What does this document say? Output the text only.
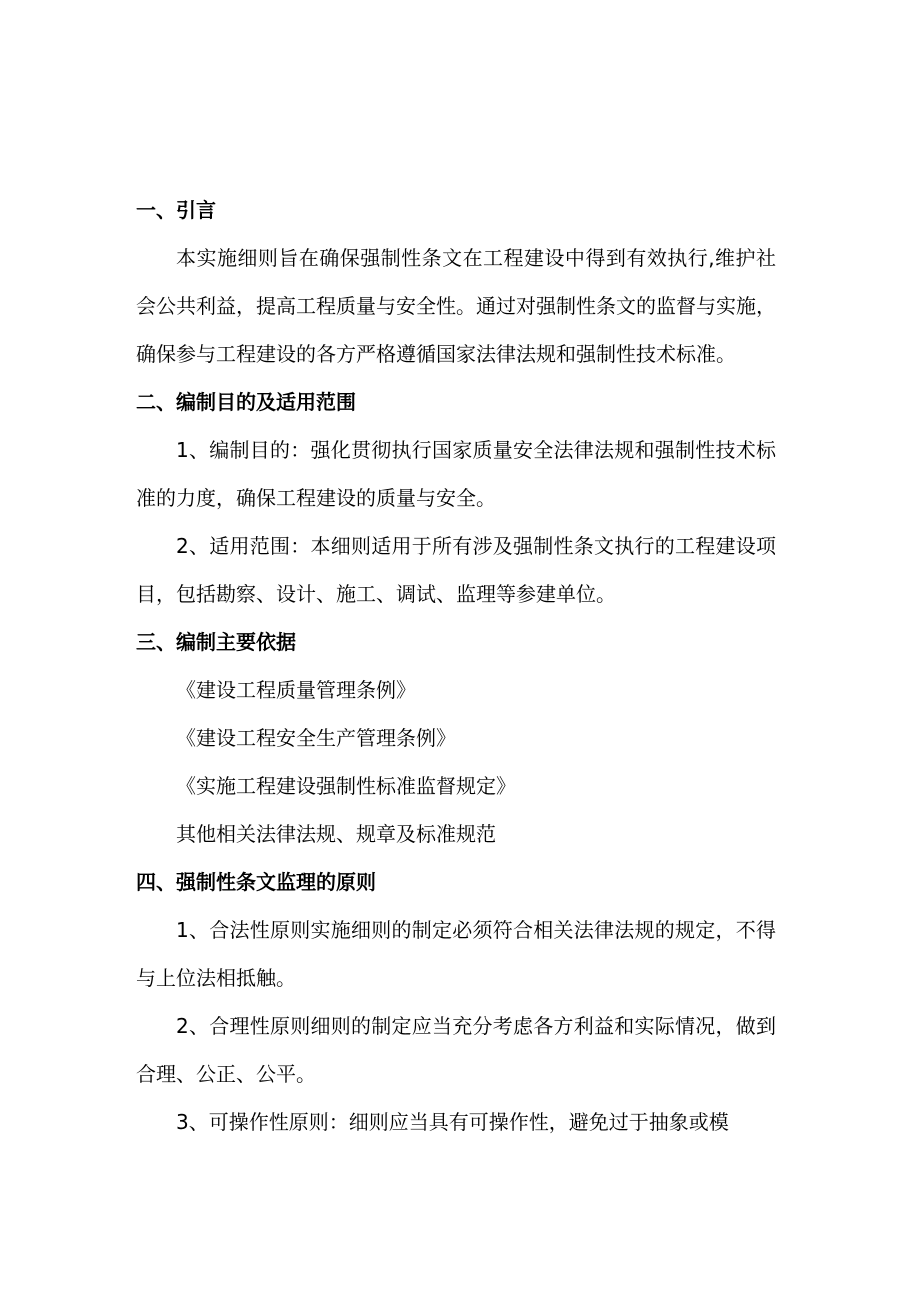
一、引言
本实施细则旨在确保强制性条文在工程建设中得到有效执行,维护社会公共利益，提高工程质量与安全性。通过对强制性条文的监督与实施，确保参与工程建设的各方严格遵循国家法律法规和强制性技术标准。
二、编制目的及适用范围
1、编制目的：强化贯彻执行国家质量安全法律法规和强制性技术标准的力度，确保工程建设的质量与安全。
2、适用范围：本细则适用于所有涉及强制性条文执行的工程建设项目，包括勘察、设计、施工、调试、监理等参建单位。
三、编制主要依据
《建设工程质量管理条例》
《建设工程安全生产管理条例》
《实施工程建设强制性标准监督规定》
其他相关法律法规、规章及标准规范
四、强制性条文监理的原则
1、合法性原则实施细则的制定必须符合相关法律法规的规定，不得与上位法相抵触。
2、合理性原则细则的制定应当充分考虑各方利益和实际情况，做到合理、公正、公平。
3、可操作性原则：细则应当具有可操作性，避免过于抽象或模
